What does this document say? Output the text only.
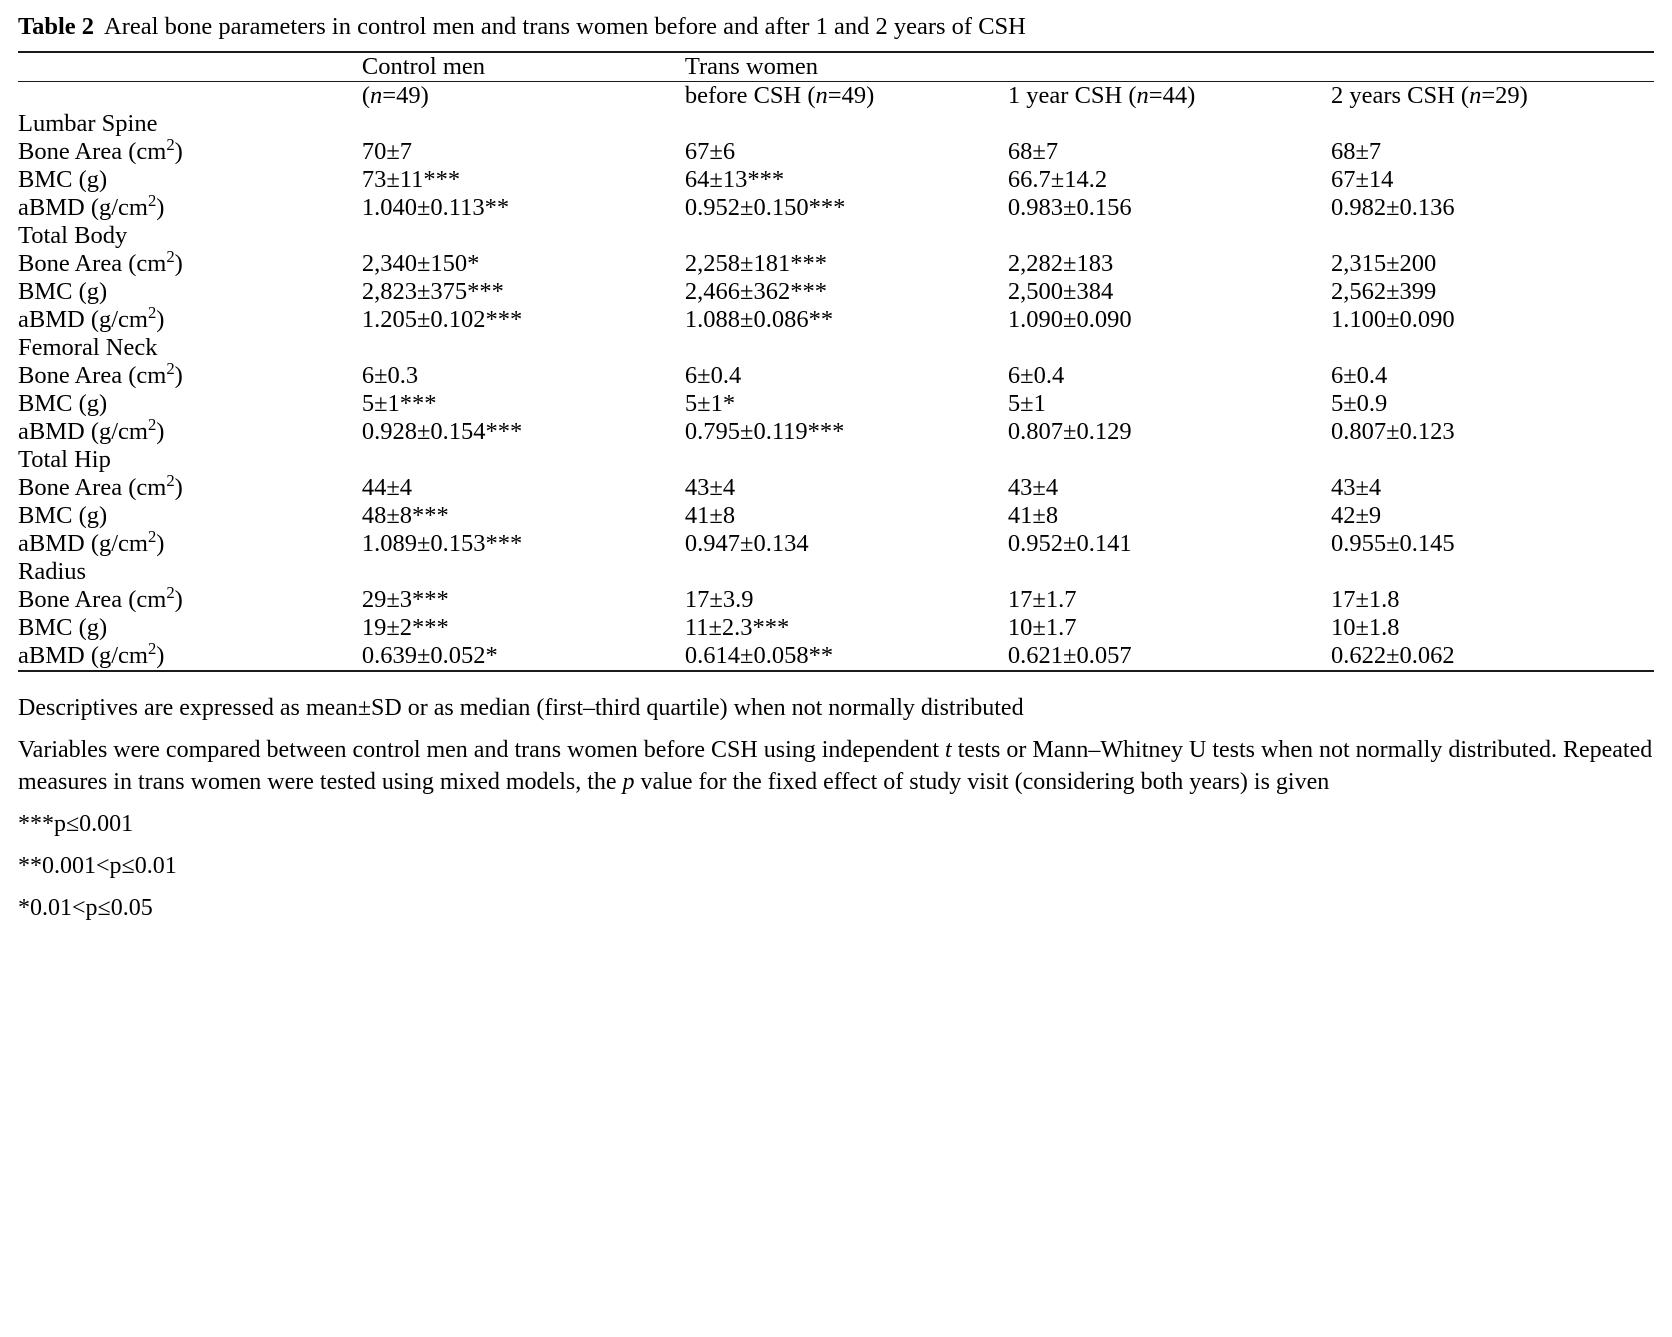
Table 2 Areal bone parameters in control men and trans women before and after 1 and 2 years of CSH
	Control men	Trans women		
	(n=49)	before CSH (n=49)	1 year CSH (n=44)	2 years CSH (n=29)
Lumbar Spine				
Bone Area $(cm^2)$	70±7	67±6	68±7	68±7
BMC (g)	73±11***	64±13***	66.7±14.2	67±14
aBMD $(g/cm^2)$	1.040±0.113**	0.952±0.150***	0.983±0.156	0.982±0.136
Total Body				
Bone Area $(cm^2)$	2,340±150*	2,258±181***	2,282±183	2,315±200
BMC (g)	2,823±375***	2,466±362***	2,500±384	2,562±399
aBMD $(g/cm^2)$	1.205±0.102***	1.088±0.086**	1.090±0.090	1.100±0.090
Femoral Neck				
Bone Area $(cm^2)$	6±0.3	6±0.4	6±0.4	6±0.4
BMC (g)	5±1***	5±1*	5±1	5±0.9
aBMD $(g/cm^2)$	0.928±0.154***	0.795±0.119***	0.807±0.129	0.807±0.123
Total Hip				
Bone Area $(cm^2)$	44±4	43±4	43±4	43±4
BMC (g)	48±8***	41±8	41±8	42±9
aBMD $(g/cm^2)$	1.089±0.153***	0.947±0.134	0.952±0.141	0.955±0.145
Radius				
Bone Area $(cm^2)$	29±3***	17±3.9	17±1.7	17±1.8
BMC (g)	19±2***	11±2.3***	10±1.7	10±1.8
aBMD $(g/cm^2)$	0.639±0.052*	0.614±0.058**	0.621±0.057	0.622±0.062

Descriptives are expressed as mean±SD or as median (first–third quartile) when not normally distributed

Variables were compared between control men and trans women before CSH using independent t tests or Mann–Whitney U tests when not normally distributed. Repeated measures in trans women were tested using mixed models, the p value for the fixed effect of study visit (considering both years) is given

***p≤0.001

**0.001<p≤0.01

*0.01<p≤0.05
